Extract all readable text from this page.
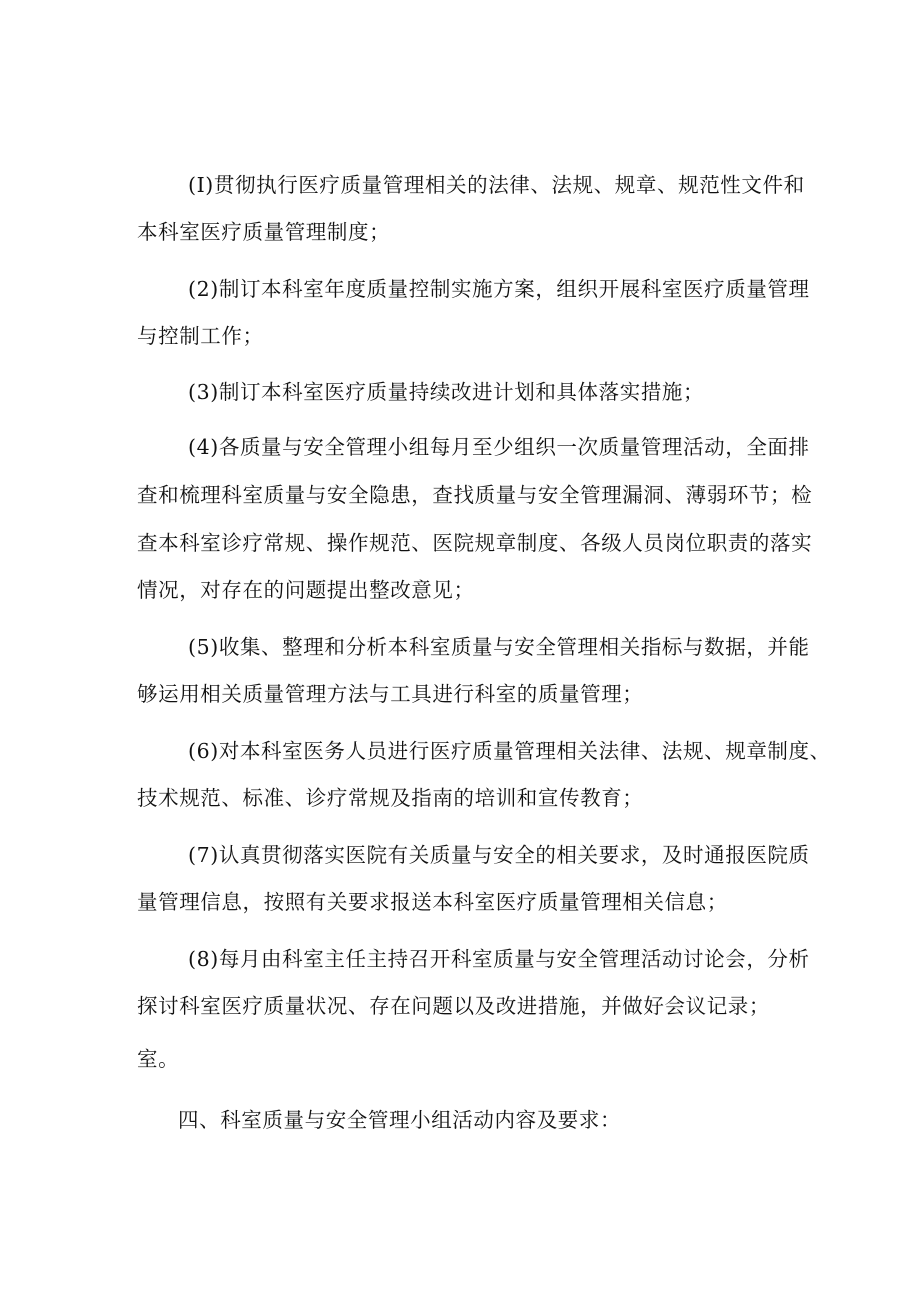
(I)贯彻执行医疗质量管理相关的法律、法规、规章、规范性文件和
本科室医疗质量管理制度；
(2)制订本科室年度质量控制实施方案，组织开展科室医疗质量管理
与控制工作；
(3)制订本科室医疗质量持续改进计划和具体落实措施；
(4)各质量与安全管理小组每月至少组织一次质量管理活动，全面排
查和梳理科室质量与安全隐患，查找质量与安全管理漏洞、薄弱环节；检
查本科室诊疗常规、操作规范、医院规章制度、各级人员岗位职责的落实
情况，对存在的问题提出整改意见；
(5)收集、整理和分析本科室质量与安全管理相关指标与数据，并能
够运用相关质量管理方法与工具进行科室的质量管理；
(6)对本科室医务人员进行医疗质量管理相关法律、法规、规章制度、
技术规范、标准、诊疗常规及指南的培训和宣传教育；
(7)认真贯彻落实医院有关质量与安全的相关要求，及时通报医院质
量管理信息，按照有关要求报送本科室医疗质量管理相关信息；
(8)每月由科室主任主持召开科室质量与安全管理活动讨论会，分析
探讨科室医疗质量状况、存在问题以及改进措施，并做好会议记录；
室。
四、科室质量与安全管理小组活动内容及要求：
